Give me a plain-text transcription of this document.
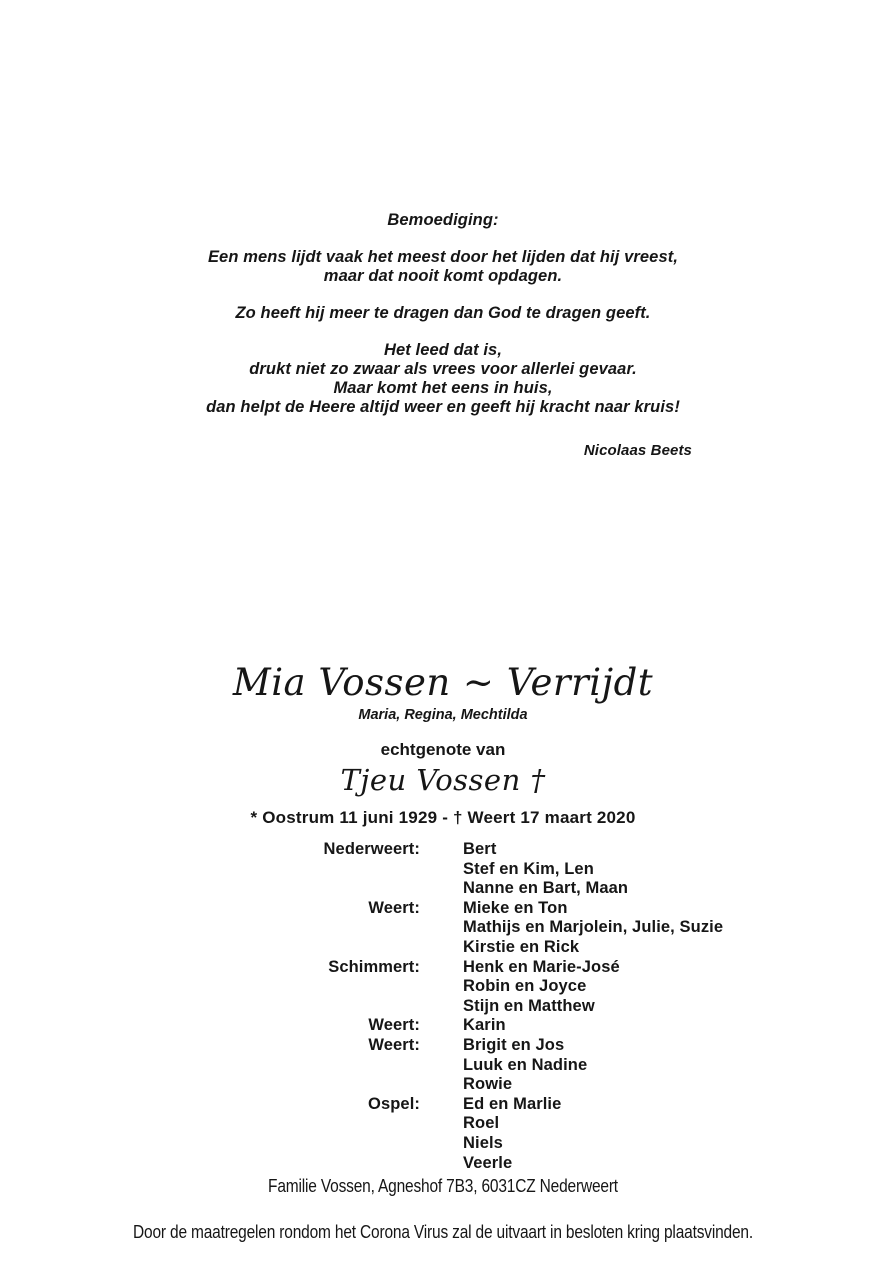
Bemoediging:
Een mens lijdt vaak het meest door het lijden dat hij vreest,
maar dat nooit komt opdagen.
Zo heeft hij meer te dragen dan God te dragen geeft.
Het leed dat is,
drukt niet zo zwaar als vrees voor allerlei gevaar.
Maar komt het eens in huis,
dan helpt de Heere altijd weer en geeft hij kracht naar kruis!
Nicolaas Beets
Mia Vossen ~ Verrijdt
Maria, Regina, Mechtilda
echtgenote van
Tjeu Vossen †
* Oostrum 11 juni 1929 - † Weert 17 maart 2020
Nederweert:	Bert
Stef en Kim, Len
Nanne en Bart, Maan
Weert:	Mieke en Ton
Mathijs en Marjolein, Julie, Suzie
Kirstie en Rick
Schimmert:	Henk en Marie-José
Robin en Joyce
Stijn en Matthew
Weert:	Karin
Weert:	Brigit en Jos
Luuk en Nadine
Rowie
Ospel:	Ed en Marlie
Roel
Niels
Veerle
Familie Vossen, Agneshof 7B3, 6031CZ Nederweert
Door de maatregelen rondom het Corona Virus zal de uitvaart in besloten kring plaatsvinden.
